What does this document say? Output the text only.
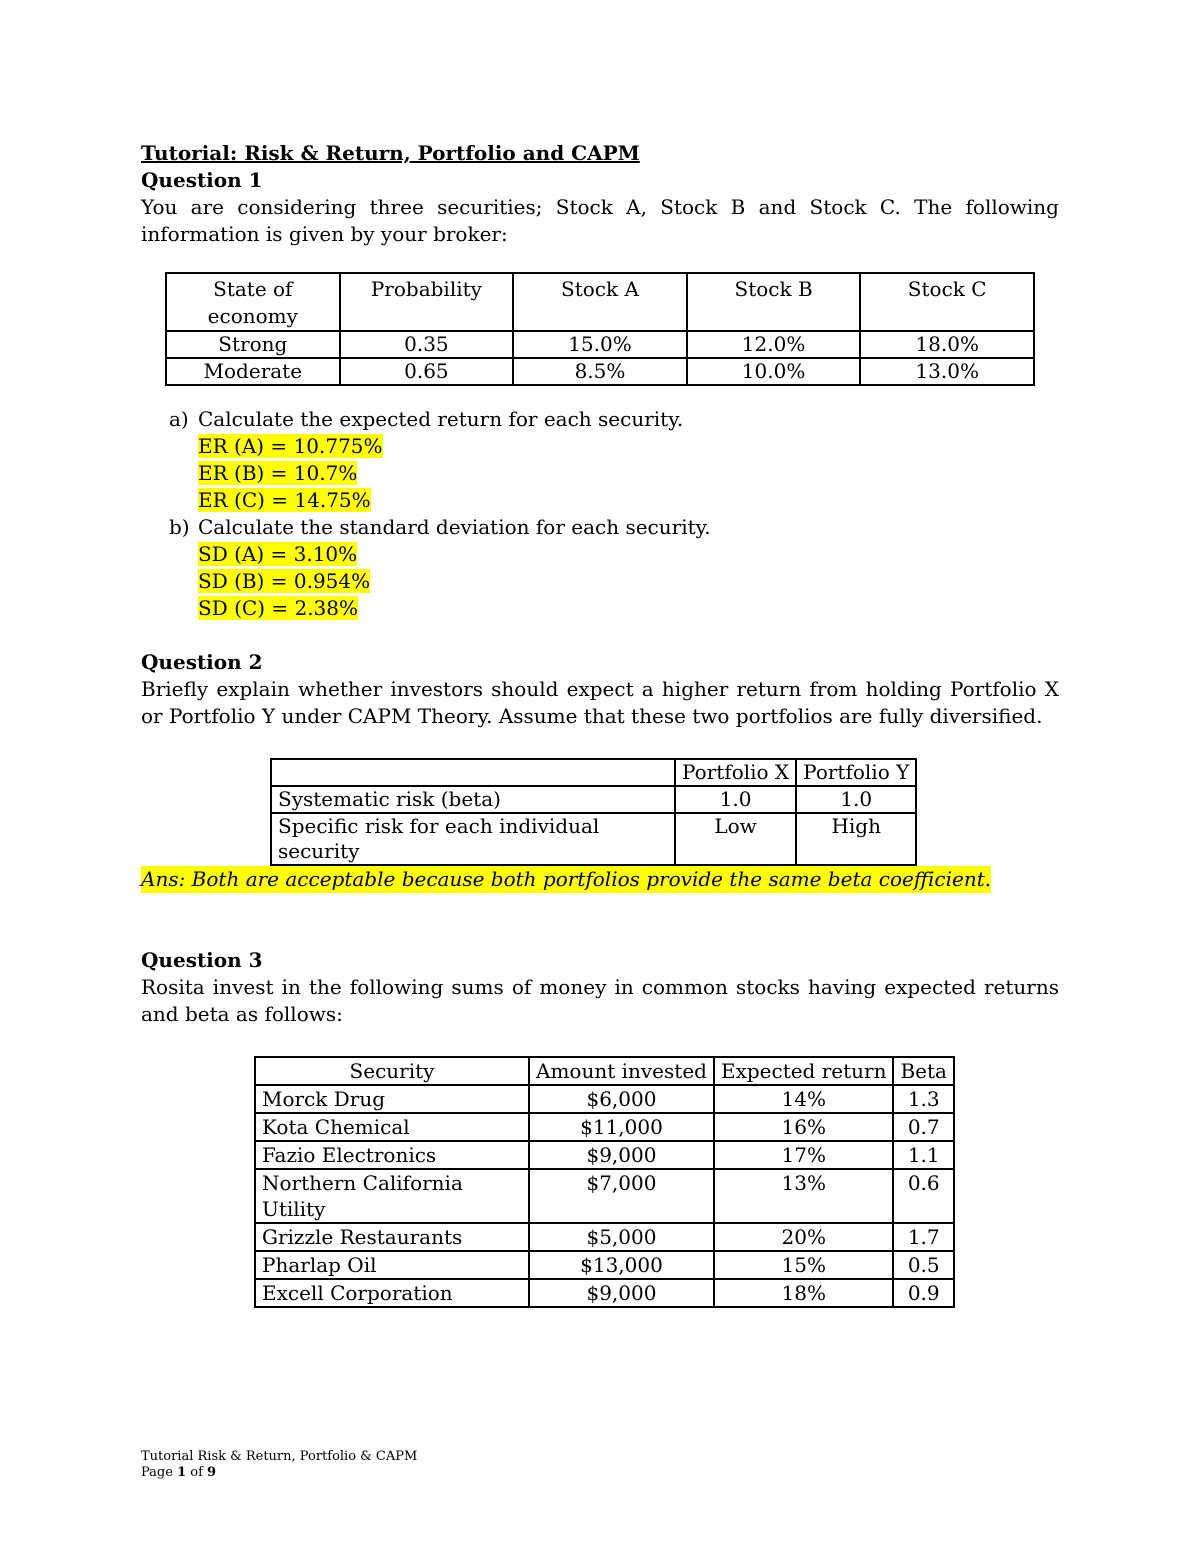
Tutorial: Risk & Return, Portfolio and CAPM

Question 1

You are considering three securities; Stock A, Stock B and Stock C. The following information is given by your broker:

State of economy	Probability	Stock A	Stock B	Stock C
Strong	0.35	15.0%	12.0%	18.0%
Moderate	0.65	8.5%	10.0%	13.0%
a) Calculate the expected return for each security.
ER (A) = 10.775%
ER (B) = 10.7%
ER (C) = 14.75%
b) Calculate the standard deviation for each security.
SD (A) = 3.10%
SD (B) = 0.954%
SD (C) = 2.38%

Question 2

Briefly explain whether investors should expect a higher return from holding Portfolio X or Portfolio Y under CAPM Theory. Assume that these two portfolios are fully diversified.

	Portfolio X	Portfolio Y
Systematic risk (beta)	1.0	1.0
Specific risk for each individual security	Low	High
Ans: Both are acceptable because both portfolios provide the same beta coefficient.

Question 3

Rosita invest in the following sums of money in common stocks having expected returns and beta as follows:

Security	Amount invested	Expected return	Beta
Morck Drug	$6,000	14%	1.3
Kota Chemical	$11,000	16%	0.7
Fazio Electronics	$9,000	17%	1.1
Northern California Utility	$7,000	13%	0.6
Grizzle Restaurants	$5,000	20%	1.7
Pharlap Oil	$13,000	15%	0.5
Excell Corporation	$9,000	18%	0.9
Tutorial Risk & Return, Portfolio & CAPM
Page 1 of 9
